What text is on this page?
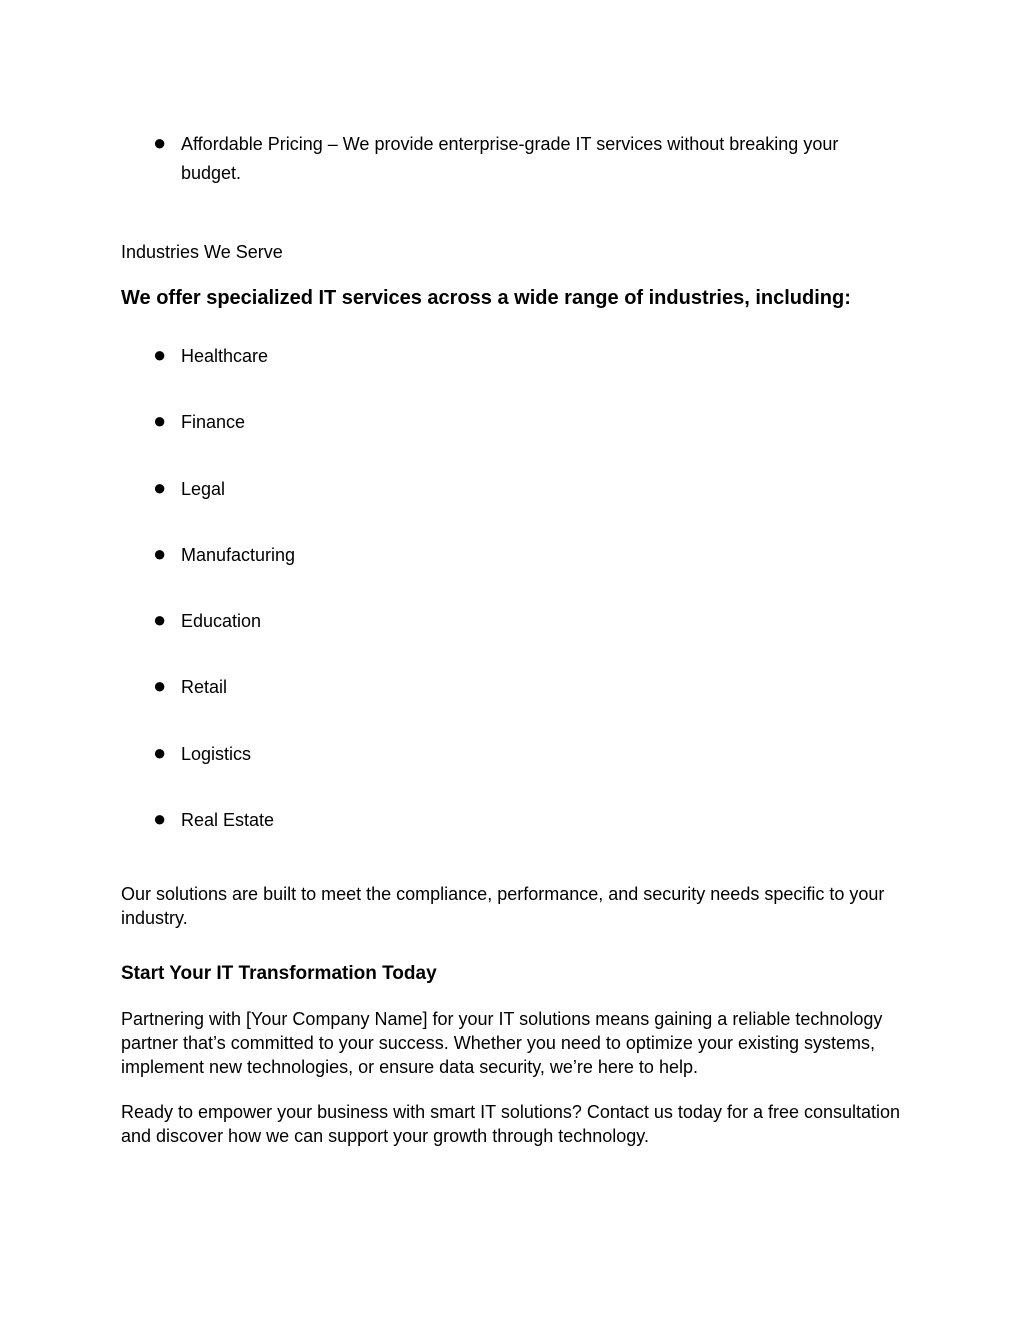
● Affordable Pricing – We provide enterprise-grade IT services without breaking your budget.
Industries We Serve
We offer specialized IT services across a wide range of industries, including:
● Healthcare
● Finance
● Legal
● Manufacturing
● Education
● Retail
● Logistics
● Real Estate
Our solutions are built to meet the compliance, performance, and security needs specific to your industry.
Start Your IT Transformation Today
Partnering with [Your Company Name] for your IT solutions means gaining a reliable technology partner that’s committed to your success. Whether you need to optimize your existing systems, implement new technologies, or ensure data security, we’re here to help.
Ready to empower your business with smart IT solutions? Contact us today for a free consultation and discover how we can support your growth through technology.
